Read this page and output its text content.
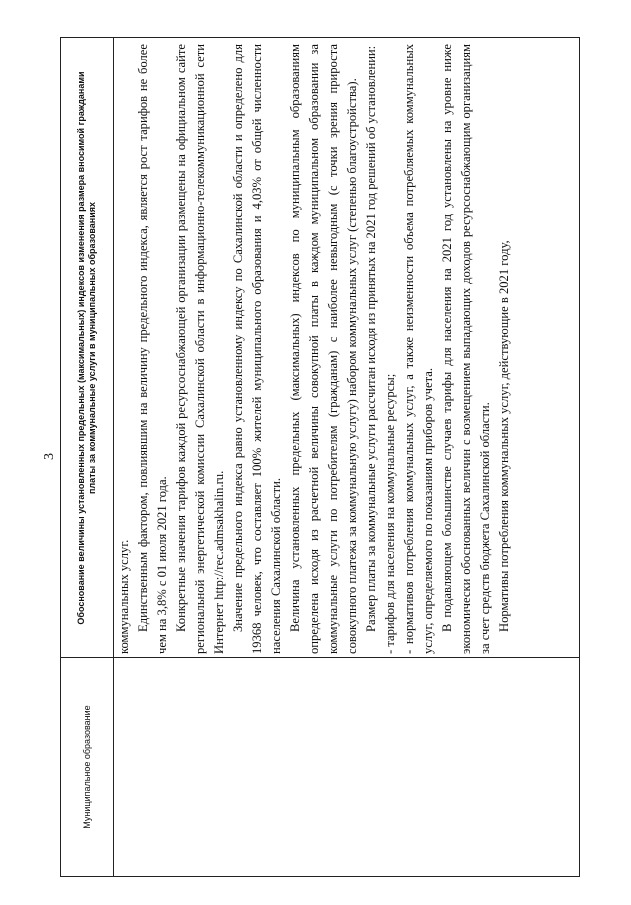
3
Муниципальное образование
Обоснование величины установленных предельных (максимальных) индексов изменения размера вносимой гражданами платы за коммунальные услуги в муниципальных образованиях

коммунальных услуг. Единственным фактором, повлиявшим на величину предельного индекса, является рост тарифов не более чем на 3,8% с 01 июля 2021 года. Конкретные значения тарифов каждой ресурсоснабжающей организации размещены на официальном сайте региональной энергетической комиссии Сахалинской области в информационно-телекоммуникационной сети Интернет http://rec.admsakhalin.ru. Значение предельного индекса равно установленному индексу по Сахалинской области и определено для 19368 человек, что составляет 100% жителей муниципального образования и 4,03% от общей численности населения Сахалинской области. Величина установленных предельных (максимальных) индексов по муниципальным образованиям определена исходя из расчетной величины совокупной платы в каждом муниципальном образовании за коммунальные услуги по потребителям (гражданам) с наиболее невыгодным (с точки зрения прироста совокупного платежа за коммунальную услугу) набором коммунальных услуг (степенью благоустройства). Размер платы за коммунальные услуги рассчитан исходя из принятых на 2021 год решений об установлении: - тарифов для населения на коммунальные ресурсы; - нормативов потребления коммунальных услуг, а также неизменности объема потребляемых коммунальных услуг, определяемого по показаниям приборов учета. В подавляющем большинстве случаев тарифы для населения на 2021 год установлены на уровне ниже экономически обоснованных величин с возмещением выпадающих доходов ресурсоснабжающим организациям за счет средств бюджета Сахалинской области. Нормативы потребления коммунальных услуг, действующие в 2021 году,
